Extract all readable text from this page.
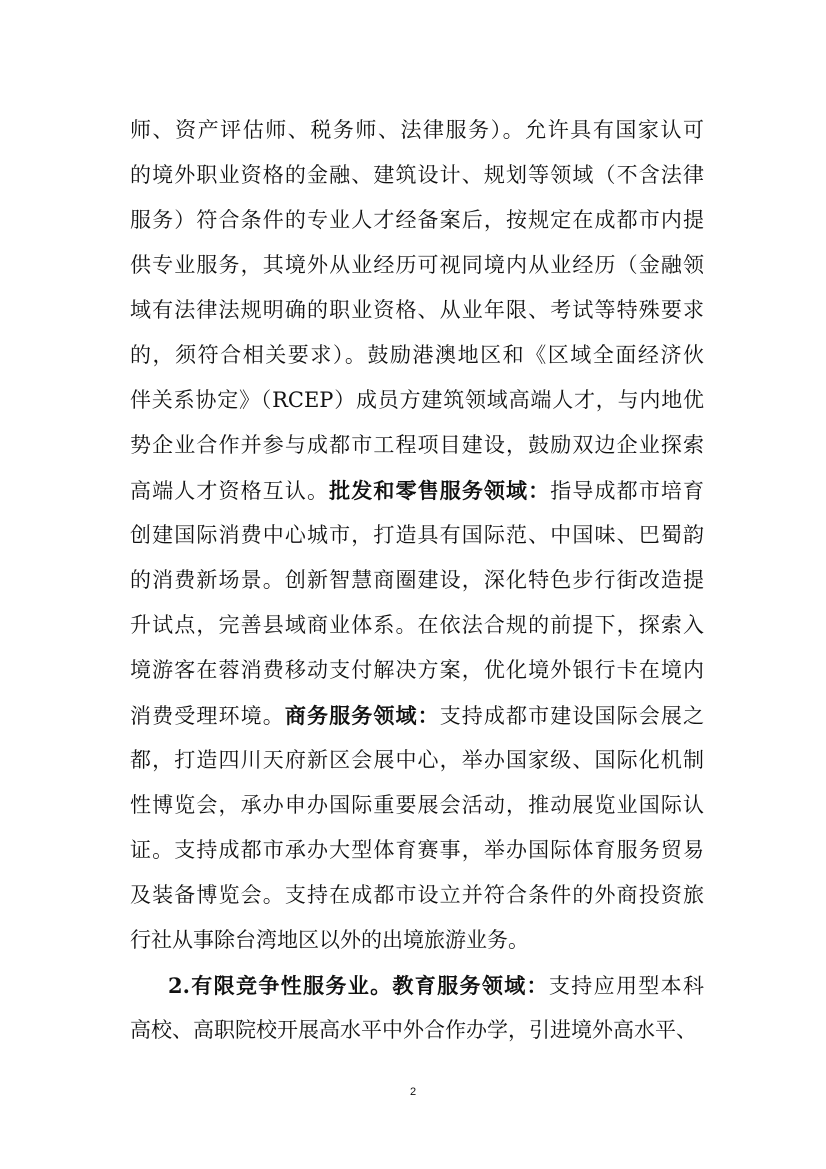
师、资产评估师、税务师、法律服务）。允许具有国家认可
的境外职业资格的金融、建筑设计、规划等领域（不含法律
服务）符合条件的专业人才经备案后，按规定在成都市内提
供专业服务，其境外从业经历可视同境内从业经历（金融领
域有法律法规明确的职业资格、从业年限、考试等特殊要求
的，须符合相关要求）。鼓励港澳地区和《区域全面经济伙
伴关系协定》（RCEP）成员方建筑领域高端人才，与内地优
势企业合作并参与成都市工程项目建设，鼓励双边企业探索
高端人才资格互认。批发和零售服务领域：指导成都市培育
创建国际消费中心城市，打造具有国际范、中国味、巴蜀韵
的消费新场景。创新智慧商圈建设，深化特色步行街改造提
升试点，完善县域商业体系。在依法合规的前提下，探索入
境游客在蓉消费移动支付解决方案，优化境外银行卡在境内
消费受理环境。商务服务领域：支持成都市建设国际会展之
都，打造四川天府新区会展中心，举办国家级、国际化机制
性博览会，承办申办国际重要展会活动，推动展览业国际认
证。支持成都市承办大型体育赛事，举办国际体育服务贸易
及装备博览会。支持在成都市设立并符合条件的外商投资旅
行社从事除台湾地区以外的出境旅游业务。
2.有限竞争性服务业。教育服务领域：支持应用型本科
高校、高职院校开展高水平中外合作办学，引进境外高水平、
2
